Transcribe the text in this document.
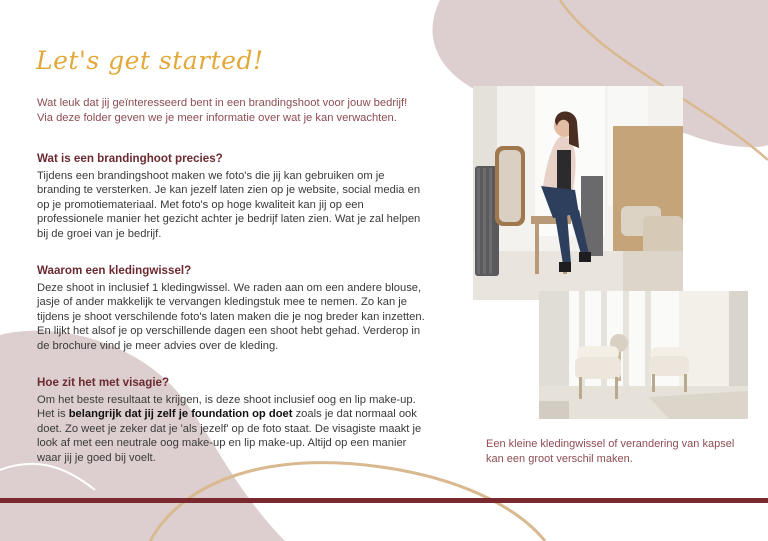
Let's get started!
Wat leuk dat jij geïnteresseerd bent in een brandingshoot voor jouw bedrijf! Via deze folder geven we je meer informatie over wat je kan verwachten.
Wat is een brandinghoot precies?

Tijdens een brandingshoot maken we foto's die jij kan gebruiken om je branding te versterken. Je kan jezelf laten zien op je website, social media en op je promotiemateriaal. Met foto's op hoge kwaliteit kan jij op een professionele manier het gezicht achter je bedrijf laten zien. Wat je zal helpen bij de groei van je bedrijf.

Waarom een kledingwissel?

Deze shoot in inclusief 1 kledingwissel. We raden aan om een andere blouse, jasje of ander makkelijk te vervangen kledingstuk mee te nemen. Zo kan je tijdens je shoot verschilende foto's laten maken die je nog breder kan inzetten. En lijkt het alsof je op verschillende dagen een shoot hebt gehad. Verderop in de brochure vind je meer advies over de kleding.

Hoe zit het met visagie?

Om het beste resultaat te krijgen, is deze shoot inclusief oog en lip make-up. Het is belangrijk dat jij zelf je foundation op doet zoals je dat normaal ook doet. Zo weet je zeker dat je 'als jezelf' op de foto staat. De visagiste maakt je look af met een neutrale oog make-up en lip make-up. Altijd op een manier waar jij je goed bij voelt.

Een kleine kledingwissel of verandering van kapsel kan een groot verschil maken.
